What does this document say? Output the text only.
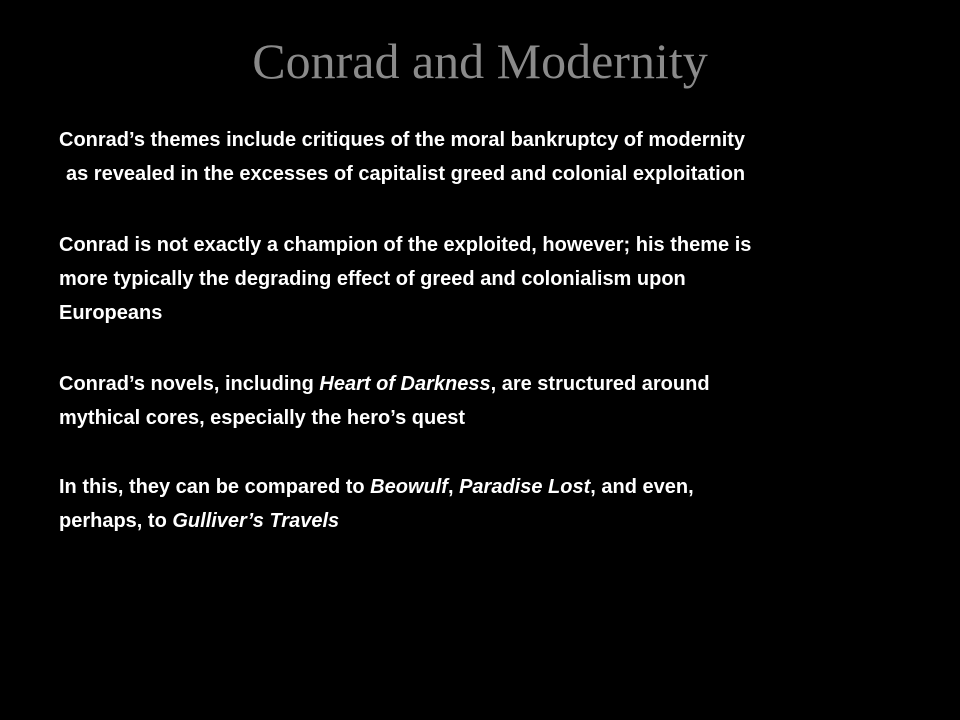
Conrad and Modernity

Conrad’s themes include critiques of the moral bankruptcy of modernity
as revealed in the excesses of capitalist greed and colonial exploitation

Conrad is not exactly a champion of the exploited, however; his theme is
more typically the degrading effect of greed and colonialism upon
Europeans

Conrad’s novels, including Heart of Darkness, are structured around
mythical cores, especially the hero’s quest

In this, they can be compared to Beowulf, Paradise Lost, and even,
perhaps, to Gulliver’s Travels
